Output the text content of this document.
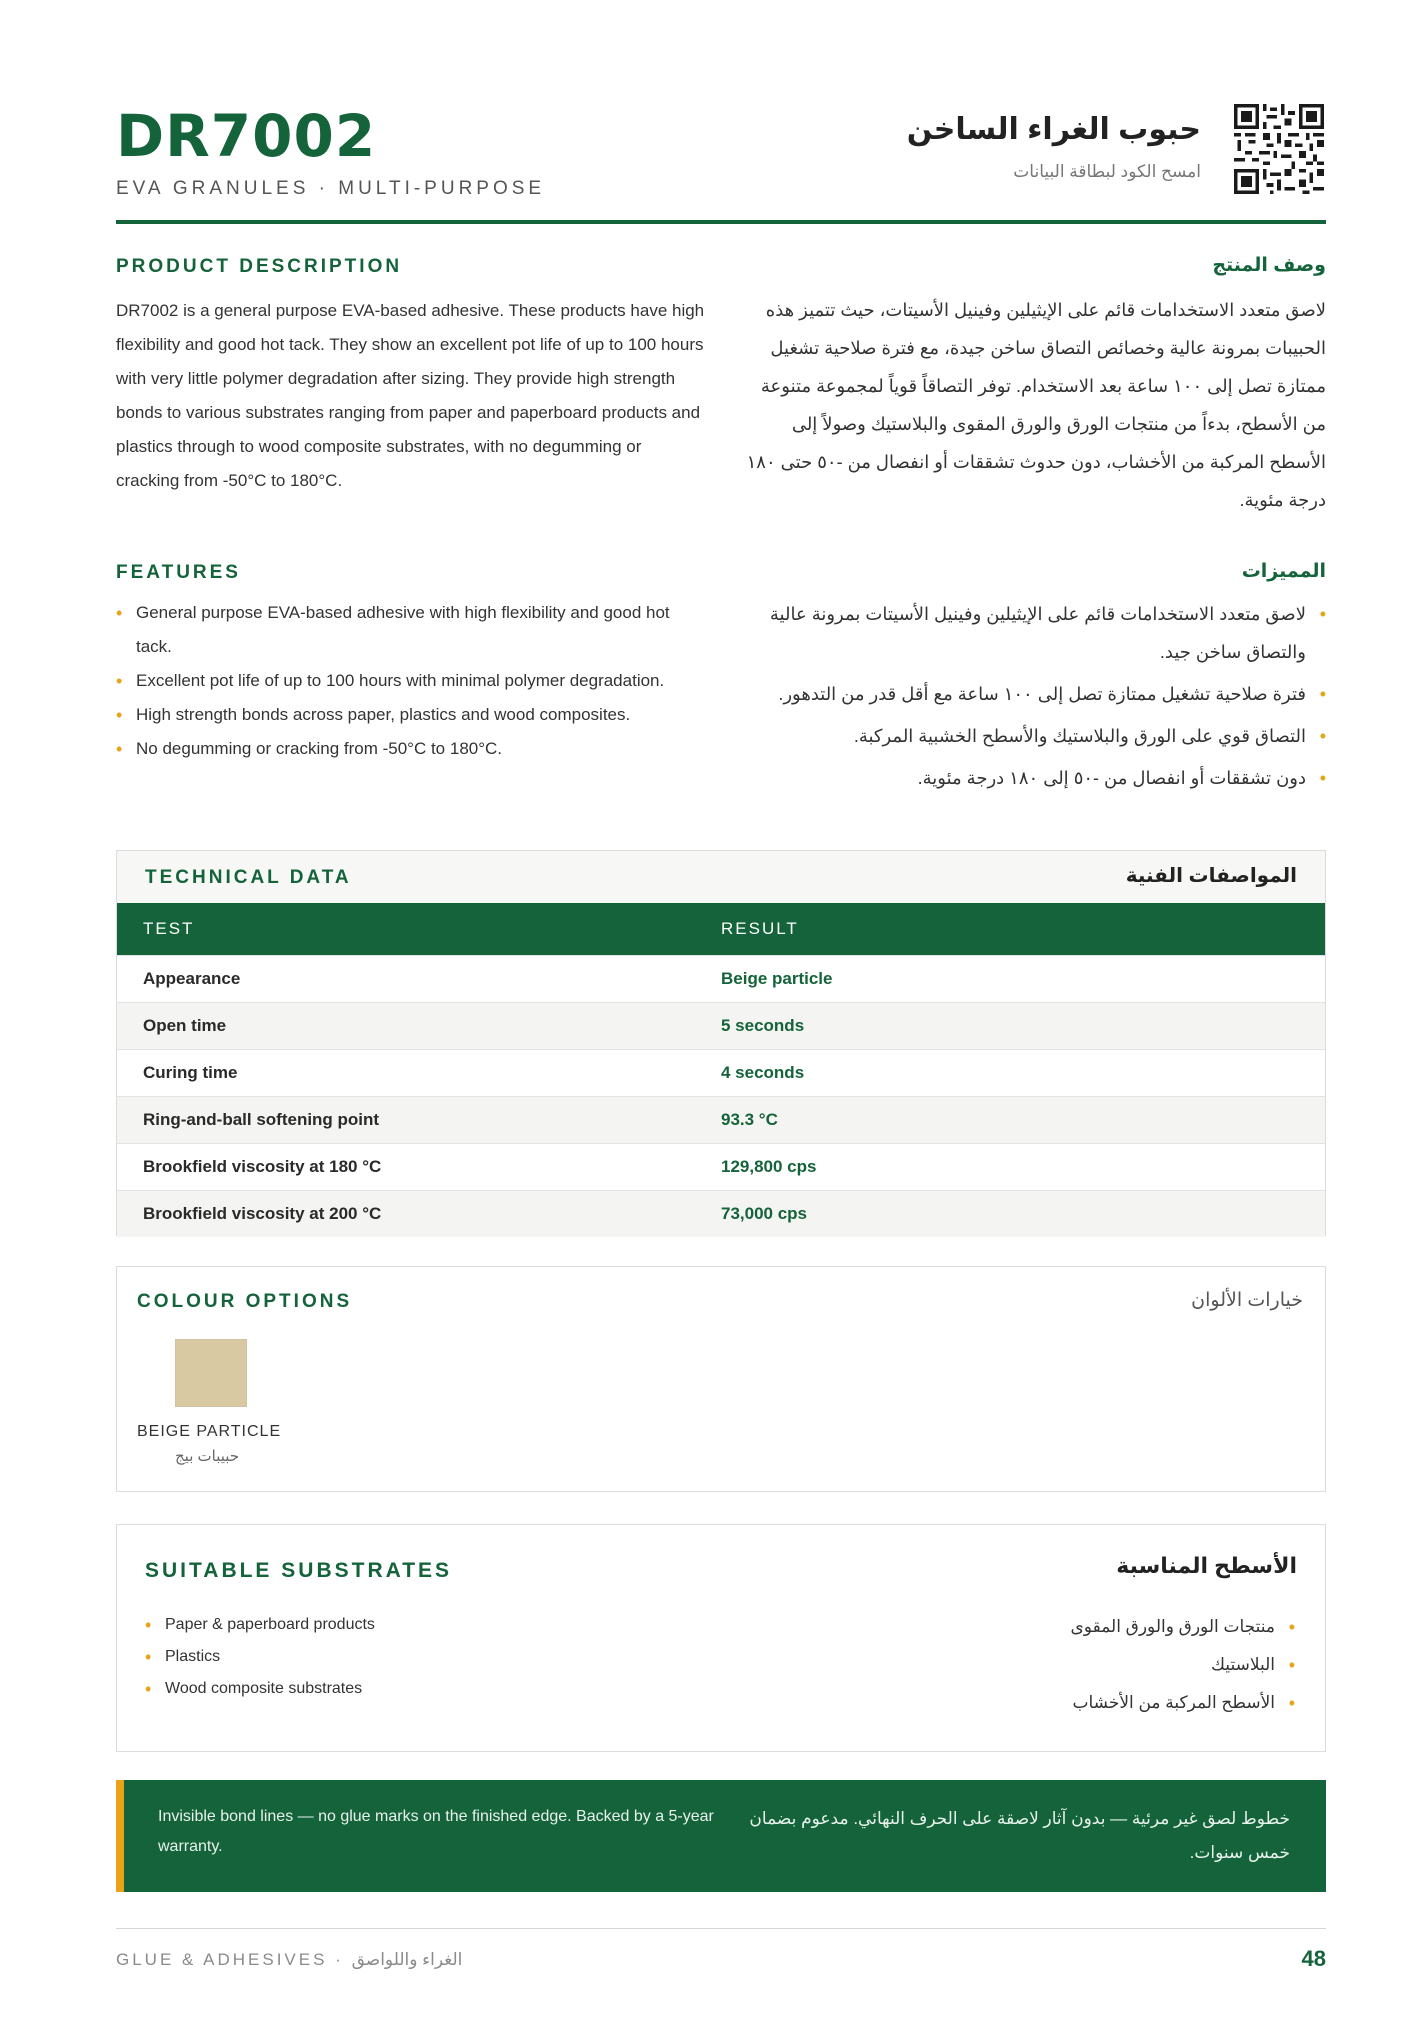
DR7002
EVA GRANULES · MULTI-PURPOSE
حبوب الغراء الساخن
امسح الكود لبطاقة البيانات
PRODUCT DESCRIPTION
DR7002 is a general purpose EVA-based adhesive. These products have high flexibility and good hot tack. They show an excellent pot life of up to 100 hours with very little polymer degradation after sizing. They provide high strength bonds to various substrates ranging from paper and paperboard products and plastics through to wood composite substrates, with no degumming or cracking from -50°C to 180°C.
وصف المنتج
لاصق متعدد الاستخدامات قائم على الإيثيلين وفينيل الأسيتات، حيث تتميز هذه الحبيبات بمرونة عالية وخصائص التصاق ساخن جيدة، مع فترة صلاحية تشغيل ممتازة تصل إلى ١٠٠ ساعة بعد الاستخدام. توفر التصاقاً قوياً لمجموعة متنوعة من الأسطح، بدءاً من منتجات الورق والورق المقوى والبلاستيك وصولاً إلى الأسطح المركبة من الأخشاب، دون حدوث تشققات أو انفصال من -٥٠ حتى ١٨٠ درجة مئوية.
FEATURES
• General purpose EVA-based adhesive with high flexibility and good hot tack.
• Excellent pot life of up to 100 hours with minimal polymer degradation.
• High strength bonds across paper, plastics and wood composites.
• No degumming or cracking from -50°C to 180°C.
المميزات
•
لاصق متعدد الاستخدامات قائم على الإيثيلين وفينيل الأسيتات بمرونة عالية والتصاق ساخن جيد.
•
فترة صلاحية تشغيل ممتازة تصل إلى ١٠٠ ساعة مع أقل قدر من التدهور.
•
التصاق قوي على الورق والبلاستيك والأسطح الخشبية المركبة.
•
دون تشققات أو انفصال من -٥٠ إلى ١٨٠ درجة مئوية.
TECHNICAL DATA	المواصفات الفنية
TEST	RESULT
Appearance	Beige particle
Open time	5 seconds
Curing time	4 seconds
Ring-and-ball softening point	93.3 °C
Brookfield viscosity at 180 °C	129,800 cps
Brookfield viscosity at 200 °C	73,000 cps
COLOUR OPTIONS	خيارات الألوان
BEIGE PARTICLE
حبيبات بيج
SUITABLE SUBSTRATES	الأسطح المناسبة
• Paper & paperboard products
• Plastics
• Wood composite substrates
•
منتجات الورق والورق المقوى
•
البلاستيك
•
الأسطح المركبة من الأخشاب
Invisible bond lines — no glue marks on the finished edge. Backed by a 5-year warranty.
خطوط لصق غير مرئية — بدون آثار لاصقة على الحرف النهائي. مدعوم بضمان خمس سنوات.
GLUE & ADHESIVES · الغراء واللواصق	48
